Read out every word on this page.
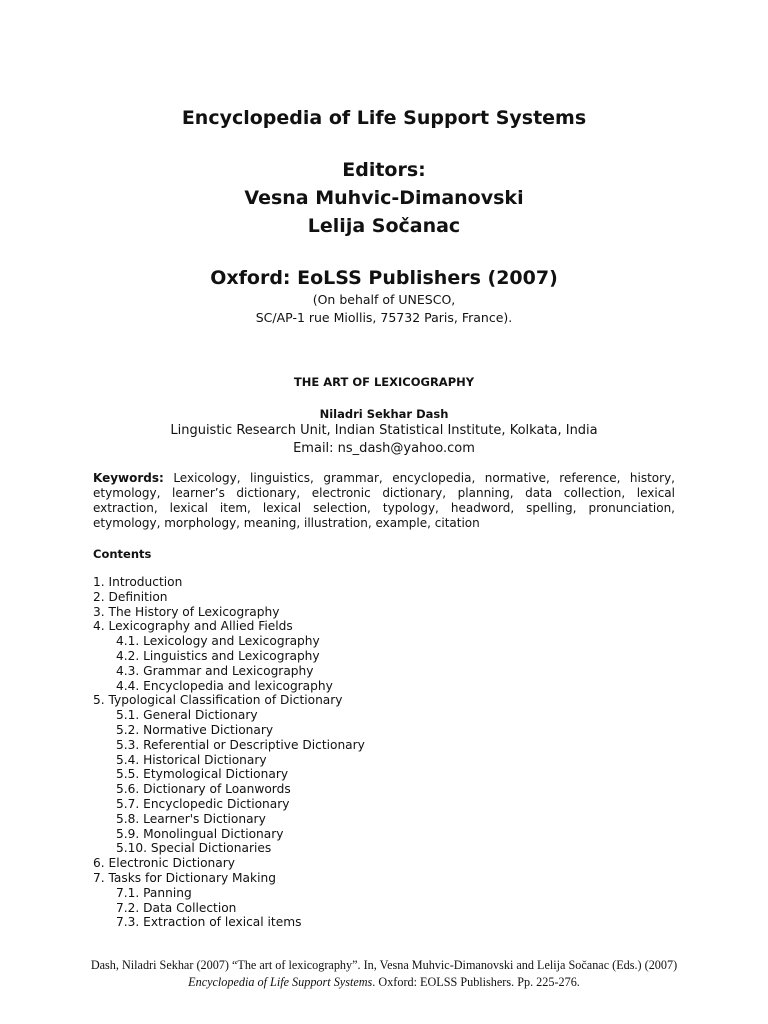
Encyclopedia of Life Support Systems

Editors:

Vesna Muhvic-Dimanovski

Lelija Sočanac

Oxford: EoLSS Publishers (2007)

(On behalf of UNESCO,

SC/AP-1 rue Miollis, 75732 Paris, France).

THE ART OF LEXICOGRAPHY

Niladri Sekhar Dash

Linguistic Research Unit, Indian Statistical Institute, Kolkata, India

Email: ns_dash@yahoo.com

Keywords: Lexicology, linguistics, grammar, encyclopedia, normative, reference, history, etymology, learner’s dictionary, electronic dictionary, planning, data collection, lexical extraction, lexical item, lexical selection, typology, headword, spelling, pronunciation, etymology, morphology, meaning, illustration, example, citation

Contents

1. Introduction
2. Definition
3. The History of Lexicography
4. Lexicography and Allied Fields
4.1. Lexicology and Lexicography
4.2. Linguistics and Lexicography
4.3. Grammar and Lexicography
4.4. Encyclopedia and lexicography
5. Typological Classification of Dictionary
5.1. General Dictionary
5.2. Normative Dictionary
5.3. Referential or Descriptive Dictionary
5.4. Historical Dictionary
5.5. Etymological Dictionary
5.6. Dictionary of Loanwords
5.7. Encyclopedic Dictionary
5.8. Learner's Dictionary
5.9. Monolingual Dictionary
5.10. Special Dictionaries
6. Electronic Dictionary
7. Tasks for Dictionary Making
7.1. Panning
7.2. Data Collection
7.3. Extraction of lexical items

Dash, Niladri Sekhar (2007) “The art of lexicography”. In, Vesna Muhvic-Dimanovski and Lelija Sočanac (Eds.) (2007) Encyclopedia of Life Support Systems. Oxford: EOLSS Publishers. Pp. 225-276.
